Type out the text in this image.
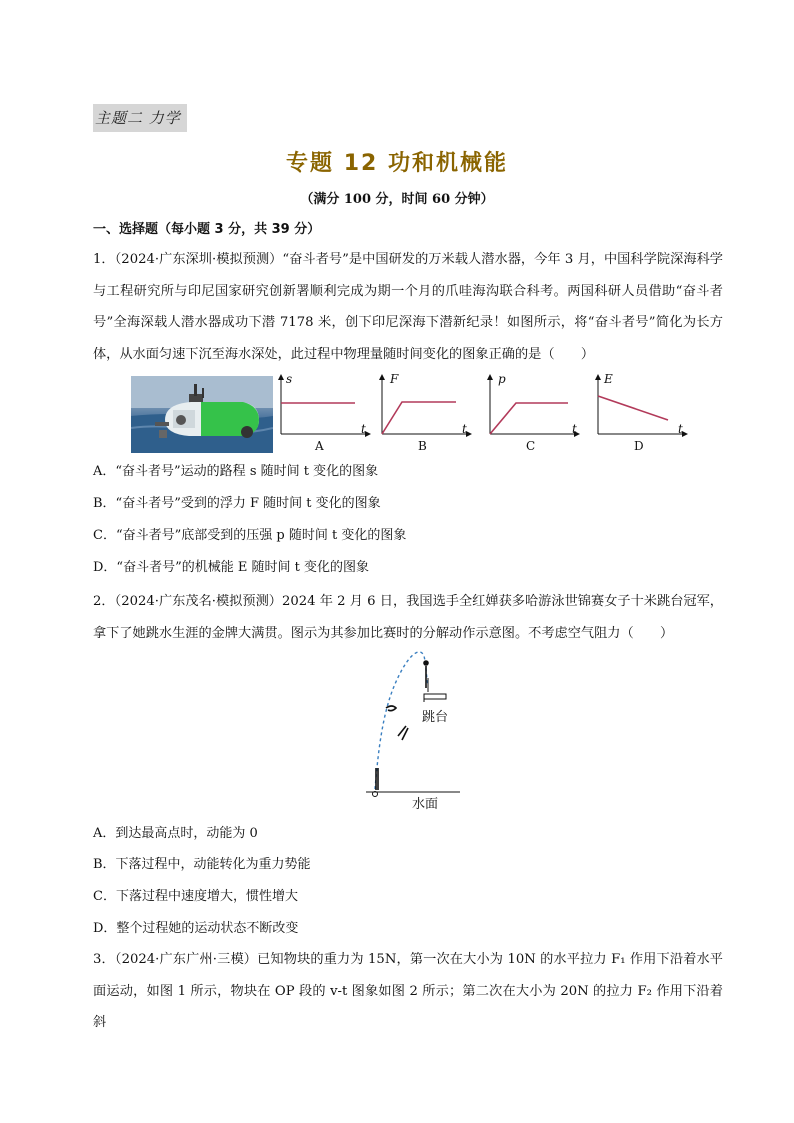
主题二 力学
专题 12 功和机械能
（满分 100 分，时间 60 分钟）
一、选择题（每小题 3 分，共 39 分）
1．（2024·广东深圳·模拟预测）“奋斗者号”是中国研发的万米载人潜水器，今年 3 月，中国科学院深海科学与工程研究所与印尼国家研究创新署顺利完成为期一个月的爪哇海沟联合科考。两国科研人员借助“奋斗者号”全海深载人潜水器成功下潜 7178 米，创下印尼深海下潜新纪录！如图所示，将“奋斗者号”简化为长方体，从水面匀速下沉至海水深处，此过程中物理量随时间变化的图象正确的是（　　）
s
t
A
F
t
B
p
t
C
E
t
D
A．“奋斗者号”运动的路程 s 随时间 t 变化的图象
B．“奋斗者号”受到的浮力 F 随时间 t 变化的图象
C．“奋斗者号”底部受到的压强 p 随时间 t 变化的图象
D．“奋斗者号”的机械能 E 随时间 t 变化的图象
2．（2024·广东茂名·模拟预测）2024 年 2 月 6 日，我国选手全红婵获多哈游泳世锦赛女子十米跳台冠军，拿下了她跳水生涯的金牌大满贯。图示为其参加比赛时的分解动作示意图。不考虑空气阻力（　　）
跳台
水面
A．到达最高点时，动能为 0
B．下落过程中，动能转化为重力势能
C．下落过程中速度增大，惯性增大
D．整个过程她的运动状态不断改变
3．（2024·广东广州·三模）已知物块的重力为 15N，第一次在大小为 10N 的水平拉力 F₁ 作用下沿着水平面运动，如图 1 所示，物块在 OP 段的 v-t 图象如图 2 所示；第二次在大小为 20N 的拉力 F₂ 作用下沿着斜
